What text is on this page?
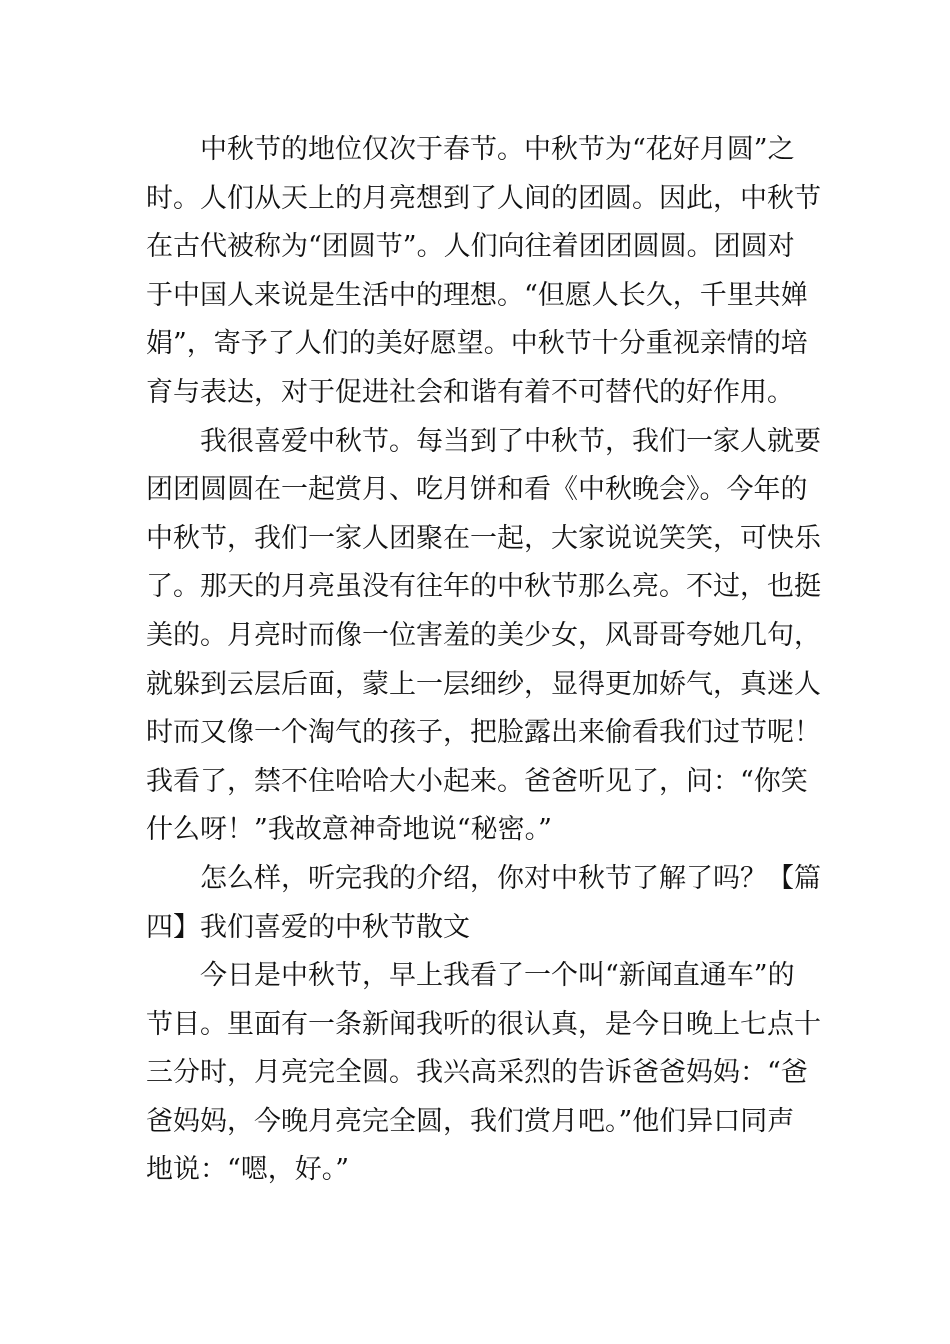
中秋节的地位仅次于春节。中秋节为“花好月圆”之
时。人们从天上的月亮想到了人间的团圆。因此，中秋节
在古代被称为“团圆节”。人们向往着团团圆圆。团圆对
于中国人来说是生活中的理想。“但愿人长久，千里共婵
娟”，寄予了人们的美好愿望。中秋节十分重视亲情的培
育与表达，对于促进社会和谐有着不可替代的好作用。

我很喜爱中秋节。每当到了中秋节，我们一家人就要
团团圆圆在一起赏月、吃月饼和看《中秋晚会》。今年的
中秋节，我们一家人团聚在一起，大家说说笑笑，可快乐
了。那天的月亮虽没有往年的中秋节那么亮。不过，也挺
美的。月亮时而像一位害羞的美少女，风哥哥夸她几句，
就躲到云层后面，蒙上一层细纱，显得更加娇气，真迷人
时而又像一个淘气的孩子，把脸露出来偷看我们过节呢！
我看了，禁不住哈哈大小起来。爸爸听见了，问：“你笑
什么呀！”我故意神奇地说“秘密。”

怎么样，听完我的介绍，你对中秋节了解了吗？【篇
四】我们喜爱的中秋节散文

今日是中秋节，早上我看了一个叫“新闻直通车”的
节目。里面有一条新闻我听的很认真，是今日晚上七点十
三分时，月亮完全圆。我兴高采烈的告诉爸爸妈妈：“爸
爸妈妈，今晚月亮完全圆，我们赏月吧。”他们异口同声
地说：“嗯，好。”
